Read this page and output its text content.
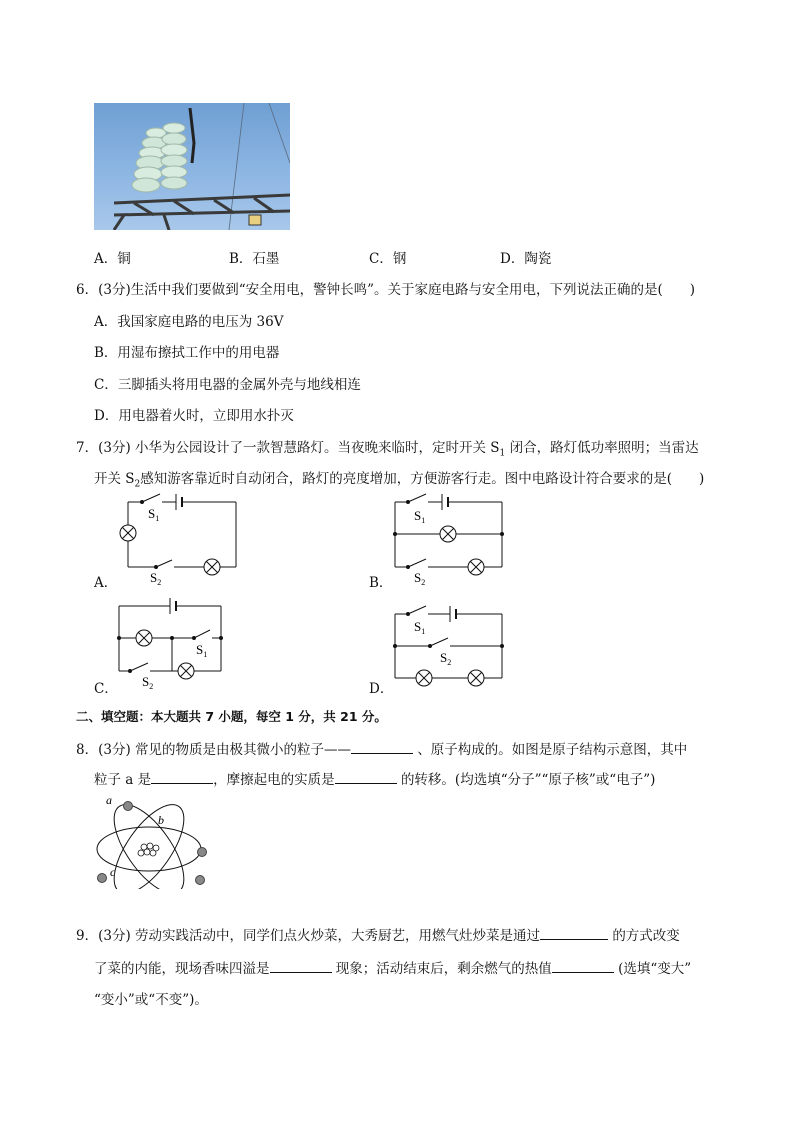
A．铜	B．石墨	C．钢	D．陶瓷
6．(3分)生活中我们要做到“安全用电，警钟长鸣”。关于家庭电路与安全用电，下列说法正确的是(　　)
A．我国家庭电路的电压为 36V
B．用湿布擦拭工作中的用电器
C．三脚插头将用电器的金属外壳与地线相连
D．用电器着火时，立即用水扑灭
7．(3分) 小华为公园设计了一款智慧路灯。当夜晚来临时，定时开关 $S_1$ 闭合，路灯低功率照明；当雷达
开关 $S_2$感知游客靠近时自动闭合，路灯的亮度增加，方便游客行走。图中电路设计符合要求的是(　　)
$S_1$
$S_2$
$S_1$
$S_2$
$S_1$
$S_2$
$S_1$
$S_2$
A．	B．
C．	D．
二、填空题：本大题共 7 小题，每空 1 分，共 21 分。
8．(3分) 常见的物质是由极其微小的粒子——	、原子构成的。如图是原子结构示意图，其中
粒子 a 是	，摩擦起电的实质是	的转移。(均选填“分子”“原子核”或“电子”)
a
b
c
9．(3分) 劳动实践活动中，同学们点火炒菜，大秀厨艺，用燃气灶炒菜是通过	的方式改变
了菜的内能，现场香味四溢是	现象；活动结束后，剩余燃气的热值	(选填“变大”
“变小”或“不变”)。
